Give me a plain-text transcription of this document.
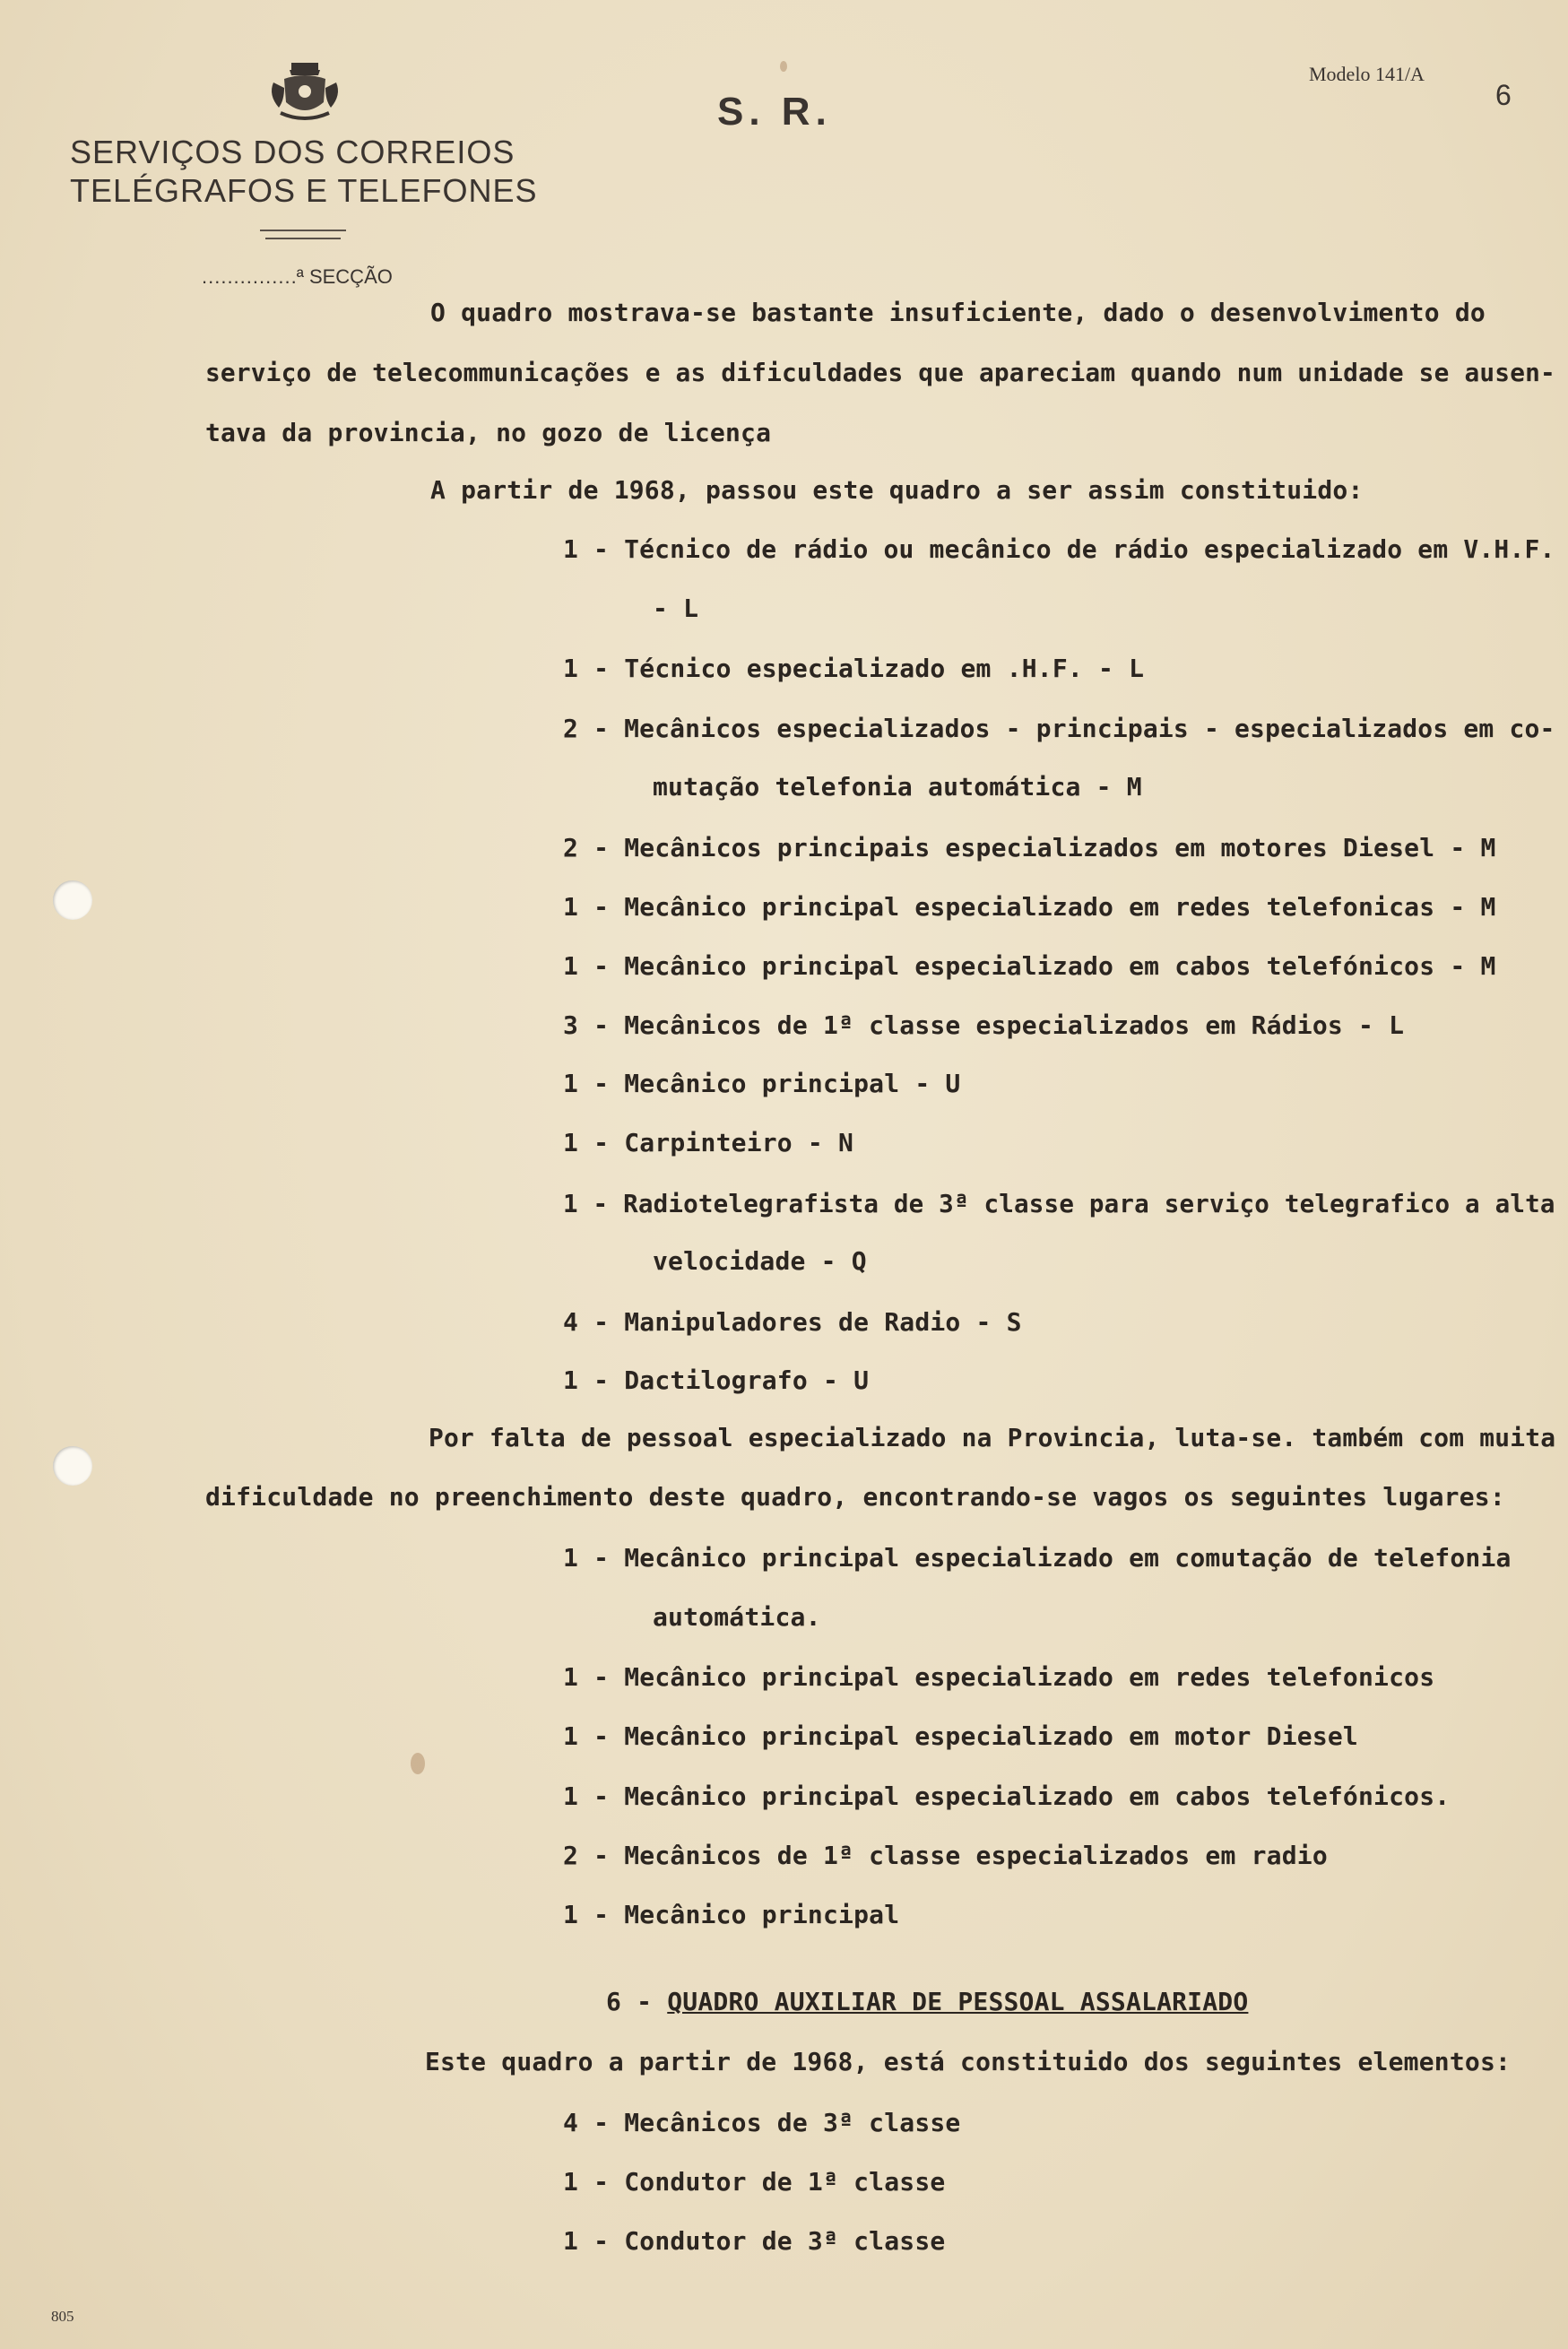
SERVIÇOS DOS CORREIOS
TELÉGRAFOS E TELEFONES
S. R.
Modelo 141/A
6
...............ª SECÇÃO
O quadro mostrava-se bastante insuficiente, dado o desenvolvimento do
serviço de telecommunicações e as dificuldades que apareciam quando num unidade se ausen-
tava da provincia, no gozo de licença
A partir de 1968, passou este quadro a ser assim constituido:
1 - Técnico de rádio ou mecânico de rádio especializado em V.H.F.
- L
1 - Técnico especializado em .H.F. - L
2 - Mecânicos especializados - principais - especializados em co-
mutação telefonia automática - M
2 - Mecânicos principais especializados em motores Diesel - M
1 - Mecânico principal especializado em redes telefonicas - M
1 - Mecânico principal especializado em cabos telefónicos - M
3 - Mecânicos de 1ª classe especializados em Rádios - L
1 - Mecânico principal - U
1 - Carpinteiro - N
1 - Radiotelegrafista de 3ª classe para serviço telegrafico a alta
velocidade - Q
4 - Manipuladores de Radio - S
1 - Dactilografo - U
Por falta de pessoal especializado na Provincia, luta-se. também com muita
dificuldade no preenchimento deste quadro, encontrando-se vagos os seguintes lugares:
1 - Mecânico principal especializado em comutação de telefonia
automática.
1 - Mecânico principal especializado em redes telefonicos
1 - Mecânico principal especializado em motor Diesel
1 - Mecânico principal especializado em cabos telefónicos.
2 - Mecânicos de 1ª classe especializados em radio
1 - Mecânico principal
6 - QUADRO AUXILIAR DE PESSOAL ASSALARIADO
Este quadro a partir de 1968, está constituido dos seguintes elementos:
4 - Mecânicos de 3ª classe
1 - Condutor de 1ª classe
1 - Condutor de 3ª classe
805
